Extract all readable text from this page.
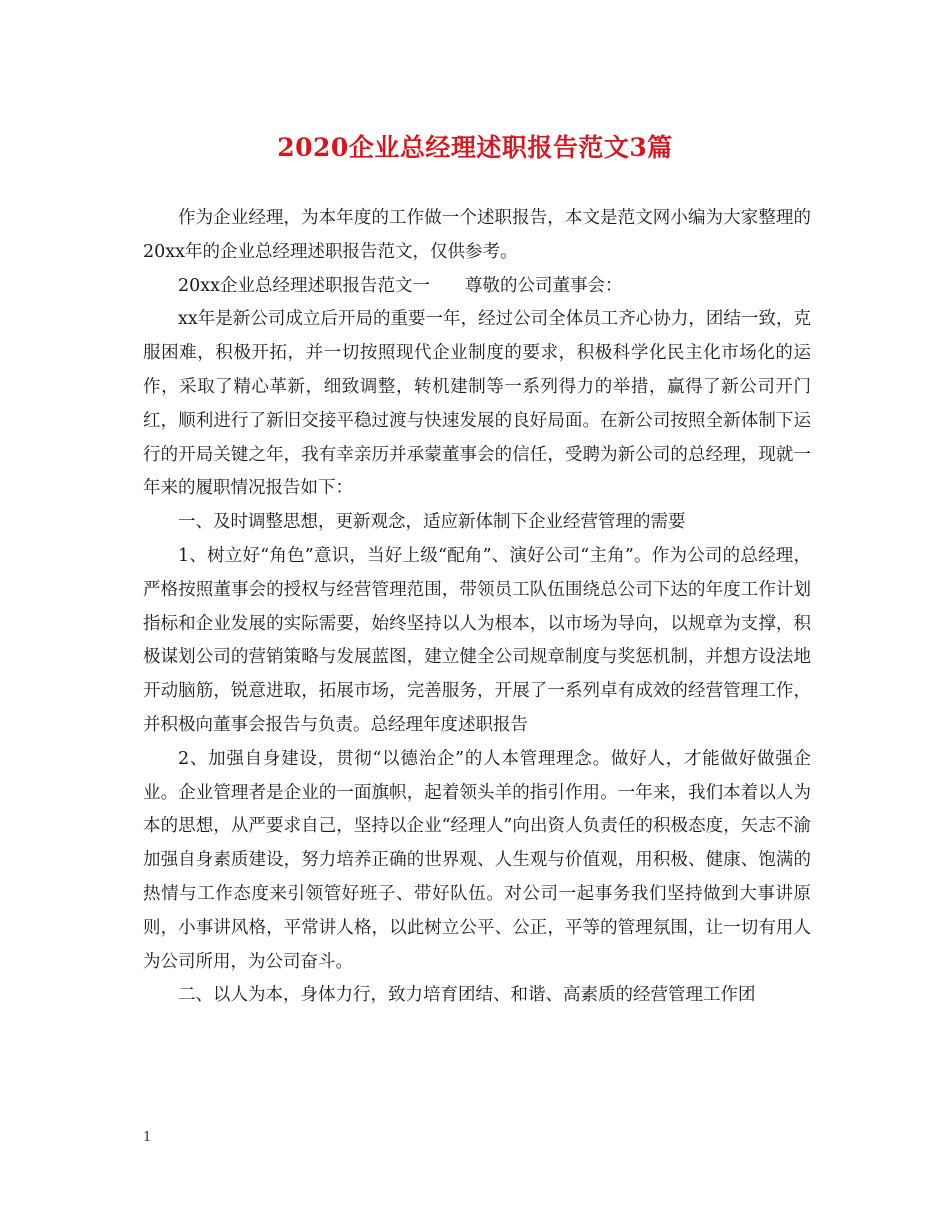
2020企业总经理述职报告范文3篇

作为企业经理，为本年度的工作做一个述职报告，本文是范文网小编为大家整理的20xx年的企业总经理述职报告范文，仅供参考。

20xx企业总经理述职报告范文一　　尊敬的公司董事会：

xx年是新公司成立后开局的重要一年，经过公司全体员工齐心协力，团结一致，克服困难，积极开拓，并一切按照现代企业制度的要求，积极科学化民主化市场化的运作，采取了精心革新，细致调整，转机建制等一系列得力的举措，赢得了新公司开门红，顺利进行了新旧交接平稳过渡与快速发展的良好局面。在新公司按照全新体制下运行的开局关键之年，我有幸亲历并承蒙董事会的信任，受聘为新公司的总经理，现就一年来的履职情况报告如下：

一、及时调整思想，更新观念，适应新体制下企业经营管理的需要

1、树立好“角色”意识，当好上级“配角”、演好公司“主角”。作为公司的总经理，严格按照董事会的授权与经营管理范围，带领员工队伍围绕总公司下达的年度工作计划指标和企业发展的实际需要，始终坚持以人为根本，以市场为导向，以规章为支撑，积极谋划公司的营销策略与发展蓝图，建立健全公司规章制度与奖惩机制，并想方设法地开动脑筋，锐意进取，拓展市场，完善服务，开展了一系列卓有成效的经营管理工作，并积极向董事会报告与负责。总经理年度述职报告

2、加强自身建设，贯彻“以德治企”的人本管理理念。做好人，才能做好做强企业。企业管理者是企业的一面旗帜，起着领头羊的指引作用。一年来，我们本着以人为本的思想，从严要求自己，坚持以企业“经理人”向出资人负责任的积极态度，矢志不渝加强自身素质建设，努力培养正确的世界观、人生观与价值观，用积极、健康、饱满的热情与工作态度来引领管好班子、带好队伍。对公司一起事务我们坚持做到大事讲原则，小事讲风格，平常讲人格，以此树立公平、公正，平等的管理氛围，让一切有用人为公司所用，为公司奋斗。

二、以人为本，身体力行，致力培育团结、和谐、高素质的经营管理工作团

1
